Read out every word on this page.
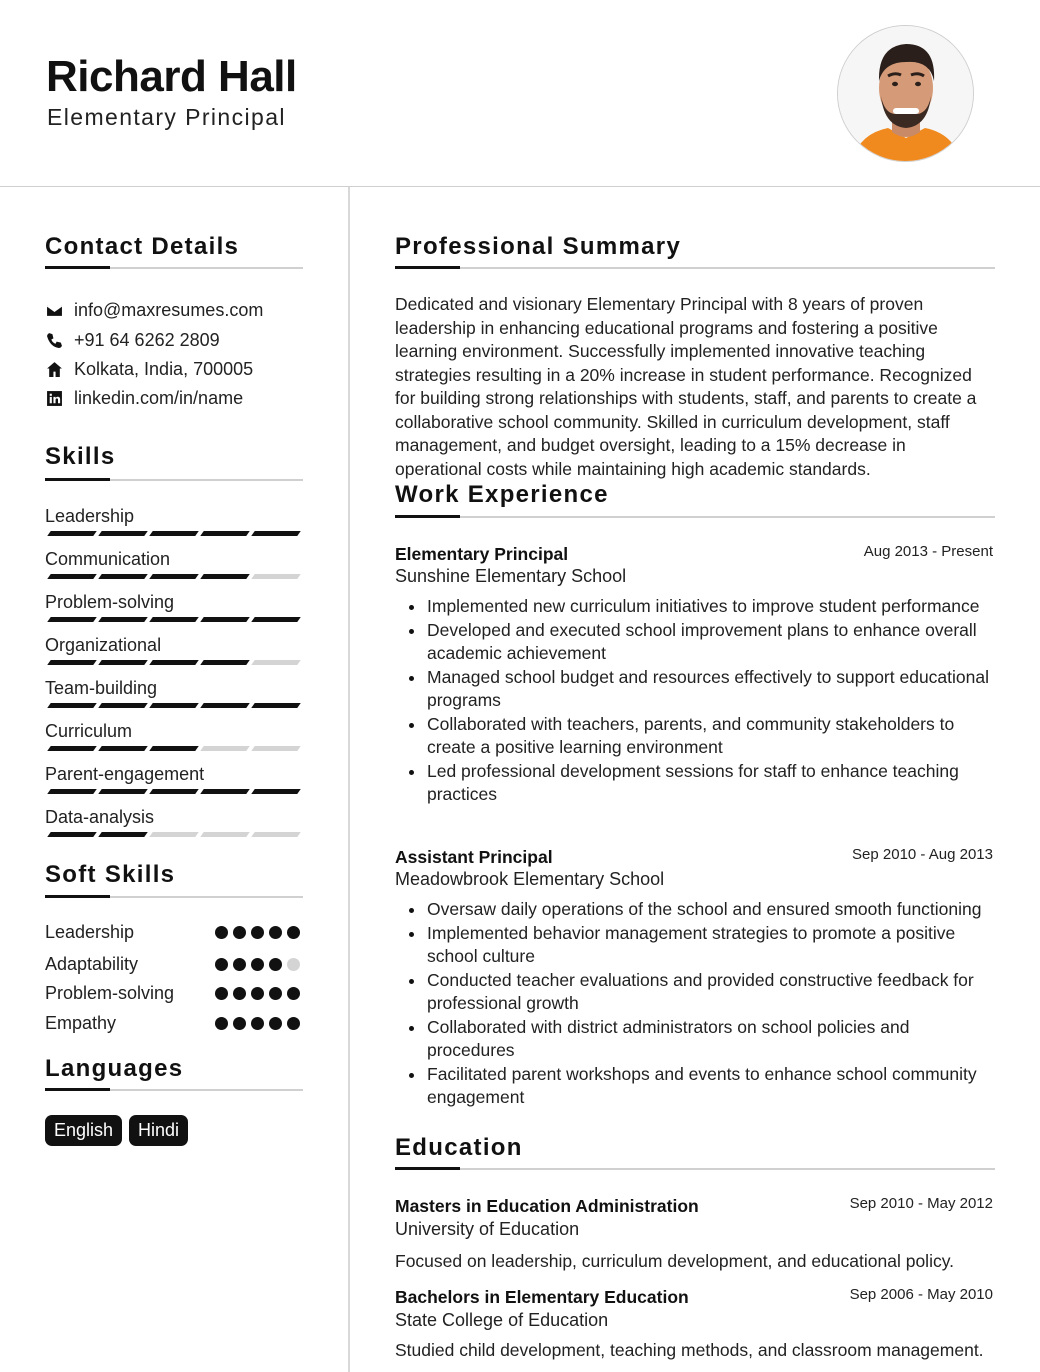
Richard Hall
Elementary Principal
Contact Details
info@maxresumes.com
+91 64 6262 2809
Kolkata, India, 700005
linkedin.com/in/name
Skills
Leadership
Communication
Problem-solving
Organizational
Team-building
Curriculum
Parent-engagement
Data-analysis
Soft Skills
Leadership
Adaptability
Problem-solving
Empathy
Languages
English	Hindi
Professional Summary
Dedicated and visionary Elementary Principal with 8 years of proven leadership in enhancing educational programs and fostering a positive learning environment. Successfully implemented innovative teaching strategies resulting in a 20% increase in student performance. Recognized for building strong relationships with students, staff, and parents to create a collaborative school community. Skilled in curriculum development, staff management, and budget oversight, leading to a 15% decrease in operational costs while maintaining high academic standards.
Work Experience
Elementary Principal	Aug 2013 - Present
Sunshine Elementary School
Implemented new curriculum initiatives to improve student performance
Developed and executed school improvement plans to enhance overall academic achievement
Managed school budget and resources effectively to support educational programs
Collaborated with teachers, parents, and community stakeholders to create a positive learning environment
Led professional development sessions for staff to enhance teaching practices
Assistant Principal	Sep 2010 - Aug 2013
Meadowbrook Elementary School
Oversaw daily operations of the school and ensured smooth functioning
Implemented behavior management strategies to promote a positive school culture
Conducted teacher evaluations and provided constructive feedback for professional growth
Collaborated with district administrators on school policies and procedures
Facilitated parent workshops and events to enhance school community engagement
Education
Masters in Education Administration	Sep 2010 - May 2012
University of Education
Focused on leadership, curriculum development, and educational policy.
Bachelors in Elementary Education	Sep 2006 - May 2010
State College of Education
Studied child development, teaching methods, and classroom management.
